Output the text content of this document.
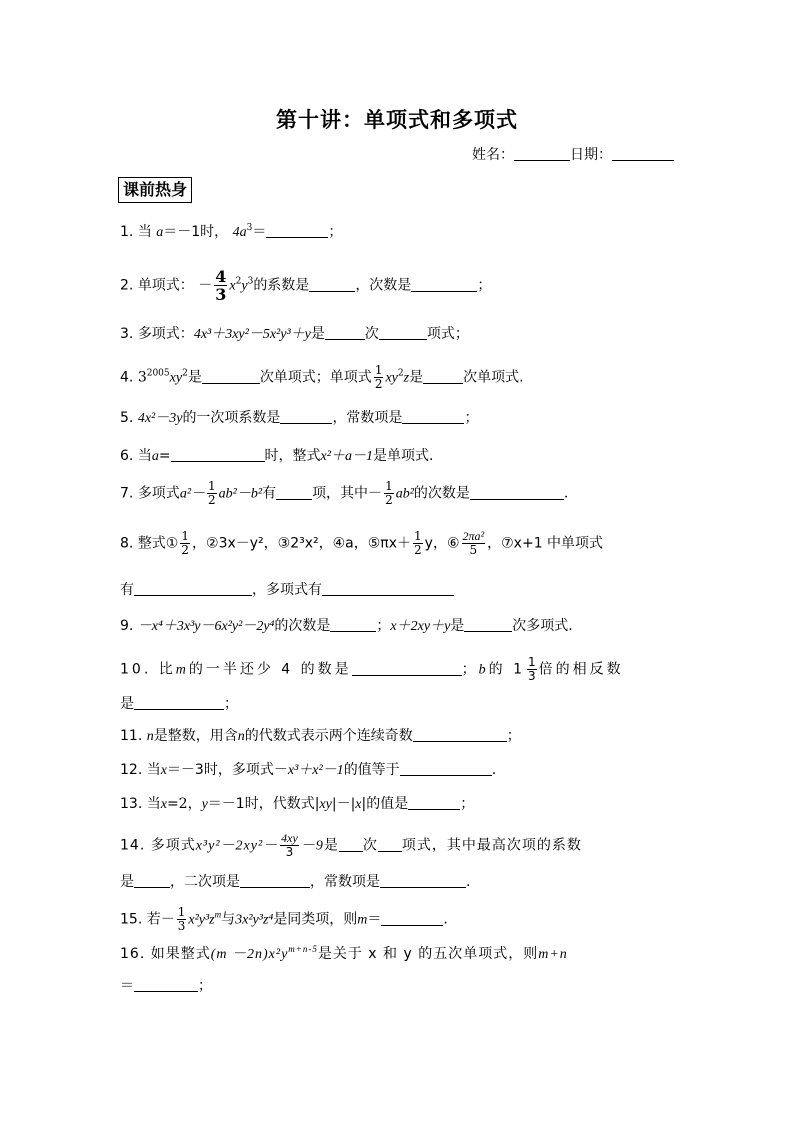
第十讲：单项式和多项式
姓名：	日期：
课前热身
1. 当 a＝－1时， $4a^3=$	；
2. 单项式： － $\frac{4}{3} x^2y^3$的系数是	，次数是	；
3. 多项式：4x³＋3xy²－5x²y³＋y是	次	项式；
4. $3^{2005}xy^2$是	次单项式；单项式 $\frac{1}{2} xy^2z$是	次单项式.
5. 4x²－3y的一次项系数是	，常数项是	；
6. 当a=	时，整式x²＋a－1是单项式.
7. 多项式$a^2- \frac{1}{2} ab^2-b^2$有	项，其中－ $\frac{1}{2} ab^2$的次数是	.
8. 整式① $\frac{1}{2}$ ，②3x－y²，③2³x²，④a，⑤πx＋ $\frac{1}{2}$ y，⑥ $\frac{\text{2πa²}}{5}$ ，⑦x+1 中单项式
有	，多项式有
9. －x⁴＋3x³y－6x²y²－2y⁴的次数是	；x＋2xy＋y是	次多项式.
10. 比m的一半还少 4 的数是	；b的 $1 \frac{1}{3}$ 倍的相反数
是	；
11. n是整数，用含n的代数式表示两个连续奇数	；
12. 当x＝－3时，多项式－x³＋x²－1的值等于	.
13. 当x=2，y＝－1时，代数式|xy|－|x|的值是	；
14. 多项式$x^3y^2-2xy^2- \frac{4xy}{3} -9$是 次 项式，其中最高次项的系数
是	，二次项是	，常数项是	.
15. 若－ $\frac{1}{3} x^2y^3z^m$与3x²y³z⁴是同类项，则m＝	.
16. 如果整式$(m -2n)x^2y^{m+n-5}$是关于 x 和 y 的五次单项式，则m+n
＝	；
